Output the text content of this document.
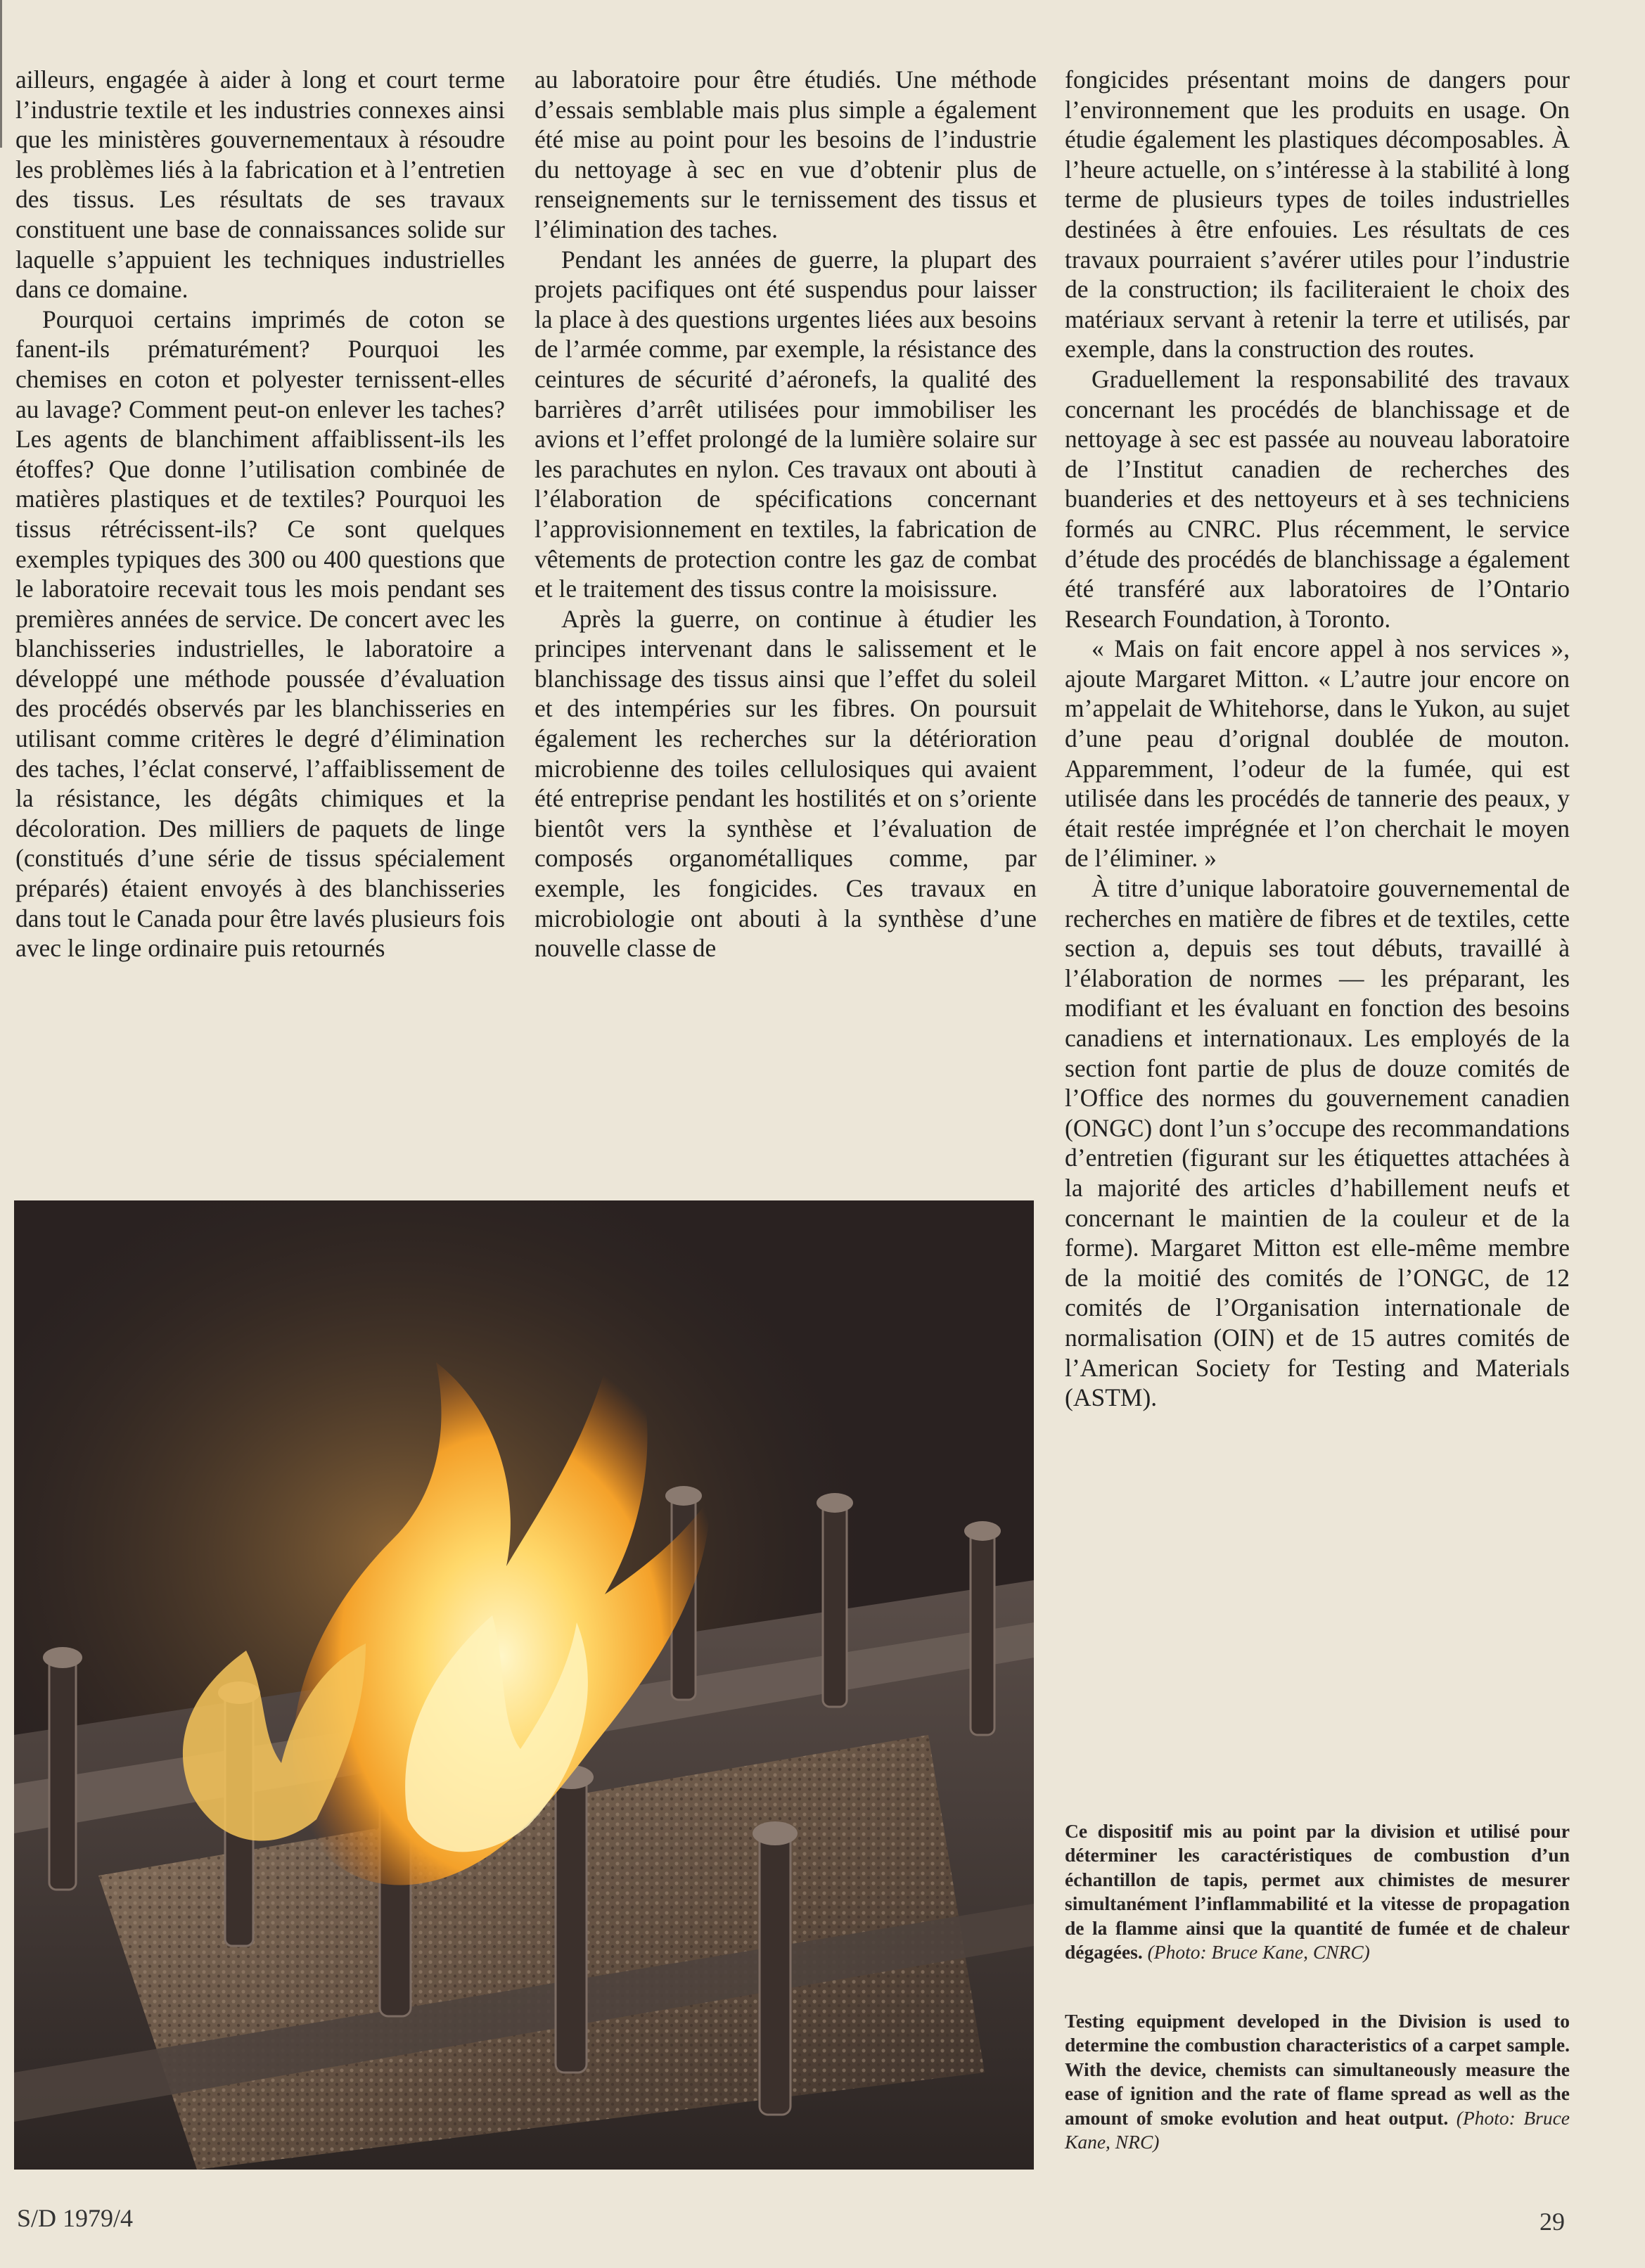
ailleurs, engagée à aider à long et court terme l’industrie textile et les industries connexes ainsi que les ministères gouvernementaux à résoudre les problèmes liés à la fabrication et à l’entretien des tissus. Les résultats de ses travaux constituent une base de connaissances solide sur laquelle s’appuient les techniques industrielles dans ce domaine.

Pourquoi certains imprimés de coton se fanent-ils prématurément? Pourquoi les chemises en coton et polyester ternissent-elles au lavage? Comment peut-on enlever les taches? Les agents de blanchiment affaiblissent-ils les étoffes? Que donne l’utilisation combinée de matières plastiques et de textiles? Pourquoi les tissus rétrécissent-ils? Ce sont quelques exemples typiques des 300 ou 400 questions que le laboratoire recevait tous les mois pendant ses premières années de service. De concert avec les blanchisseries industrielles, le laboratoire a développé une méthode poussée d’évaluation des procédés observés par les blanchisseries en utilisant comme critères le degré d’élimination des taches, l’éclat conservé, l’affaiblissement de la résistance, les dégâts chimiques et la décoloration. Des milliers de paquets de linge (constitués d’une série de tissus spécialement préparés) étaient envoyés à des blanchisseries dans tout le Canada pour être lavés plusieurs fois avec le linge ordinaire puis retournés

au laboratoire pour être étudiés. Une méthode d’essais semblable mais plus simple a également été mise au point pour les besoins de l’industrie du nettoyage à sec en vue d’obtenir plus de renseignements sur le ternissement des tissus et l’élimination des taches.

Pendant les années de guerre, la plupart des projets pacifiques ont été suspendus pour laisser la place à des questions urgentes liées aux besoins de l’armée comme, par exemple, la résistance des ceintures de sécurité d’aéronefs, la qualité des barrières d’arrêt utilisées pour immobiliser les avions et l’effet prolongé de la lumière solaire sur les parachutes en nylon. Ces travaux ont abouti à l’élaboration de spécifications concernant l’approvisionnement en textiles, la fabrication de vêtements de protection contre les gaz de combat et le traitement des tissus contre la moisissure.

Après la guerre, on continue à étudier les principes intervenant dans le salissement et le blanchissage des tissus ainsi que l’effet du soleil et des intempéries sur les fibres. On poursuit également les recherches sur la détérioration microbienne des toiles cellulosiques qui avaient été entreprise pendant les hostilités et on s’oriente bientôt vers la synthèse et l’évaluation de composés organométalliques comme, par exemple, les fongicides. Ces travaux en microbiologie ont abouti à la synthèse d’une nouvelle classe de

fongicides présentant moins de dangers pour l’environnement que les produits en usage. On étudie également les plastiques décomposables. À l’heure actuelle, on s’intéresse à la stabilité à long terme de plusieurs types de toiles industrielles destinées à être enfouies. Les résultats de ces travaux pourraient s’avérer utiles pour l’industrie de la construction; ils faciliteraient le choix des matériaux servant à retenir la terre et utilisés, par exemple, dans la construction des routes.

Graduellement la responsabilité des travaux concernant les procédés de blanchissage et de nettoyage à sec est passée au nouveau laboratoire de l’Institut canadien de recherches des buanderies et des nettoyeurs et à ses techniciens formés au CNRC. Plus récemment, le service d’étude des procédés de blanchissage a également été transféré aux laboratoires de l’Ontario Research Foundation, à Toronto.

« Mais on fait encore appel à nos services », ajoute Margaret Mitton. « L’autre jour encore on m’appelait de Whitehorse, dans le Yukon, au sujet d’une peau d’orignal doublée de mouton. Apparemment, l’odeur de la fumée, qui est utilisée dans les procédés de tannerie des peaux, y était restée imprégnée et l’on cherchait le moyen de l’éliminer. »

À titre d’unique laboratoire gouvernemental de recherches en matière de fibres et de textiles, cette section a, depuis ses tout débuts, travaillé à l’élaboration de normes — les préparant, les modifiant et les évaluant en fonction des besoins canadiens et internationaux. Les employés de la section font partie de plus de douze comités de l’Office des normes du gouvernement canadien (ONGC) dont l’un s’occupe des recommandations d’entretien (figurant sur les étiquettes attachées à la majorité des articles d’habillement neufs et concernant le maintien de la couleur et de la forme). Margaret Mitton est elle-même membre de la moitié des comités de l’ONGC, de 12 comités de l’Organisation internationale de normalisation (OIN) et de 15 autres comités de l’American Society for Testing and Materials (ASTM).

Ce dispositif mis au point par la division et utilisé pour déterminer les caractéristiques de combustion d’un échantillon de tapis, permet aux chimistes de mesurer simultanément l’inflammabilité et la vitesse de propagation de la flamme ainsi que la quantité de fumée et de chaleur dégagées. (Photo: Bruce Kane, CNRC)
Testing equipment developed in the Division is used to determine the combustion characteristics of a carpet sample. With the device, chemists can simultaneously measure the ease of ignition and the rate of flame spread as well as the amount of smoke evolution and heat output. (Photo: Bruce Kane, NRC)
S/D 1979/4	29
